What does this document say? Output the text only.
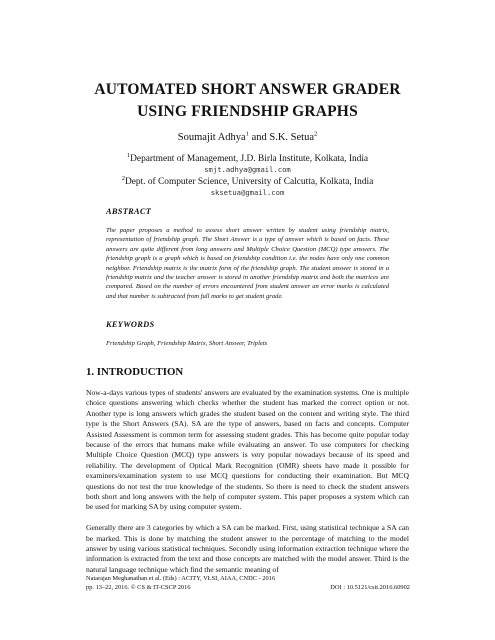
AUTOMATED SHORT ANSWER GRADER
USING FRIENDSHIP GRAPHS
Soumajit Adhya$^1$ and S.K. Setua$^2$
$^1$Department of Management, J.D. Birla Institute, Kolkata, India
smjt.adhya@gmail.com
$^2$Dept. of Computer Science, University of Calcutta, Kolkata, India
sksetua@gmail.com
ABSTRACT
The paper proposes a method to assess short answer written by student using friendship matrix, representation of friendship graph. The Short Answer is a type of answer which is based on facts. These answers are quite different from long answers and Multiple Choice Question (MCQ) type answers. The friendship graph is a graph which is based on friendship condition i.e. the nodes have only one common neighbor. Friendship matrix is the matrix form of the friendship graph. The student answer is stored in a friendship matrix and the teacher answer is stored in another friendship matrix and both the matrices are compared. Based on the number of errors encountered from student answer an error marks is calculated and that number is subtracted from full marks to get student grade.
KEYWORDS
Friendship Graph, Friendship Matrix, Short Answer, Triplets
1. INTRODUCTION

Now-a-days various types of students' answers are evaluated by the examination systems. One is multiple choice questions answering which checks whether the student has marked the correct option or not. Another type is long answers which grades the student based on the content and writing style. The third type is the Short Answers (SA). SA are the type of answers, based on facts and concepts. Computer Assisted Assessment is common term for assessing student grades. This has become quite popular today because of the errors that humans make while evaluating an answer. To use computers for checking Multiple Choice Question (MCQ) type answers is very popular nowadays because of its speed and reliability. The development of Optical Mark Recognition (OMR) sheets have made it possible for examiners/examination system to use MCQ questions for conducting their examination. But MCQ questions do not test the true knowledge of the students. So there is need to check the student answers both short and long answers with the help of computer system. This paper proposes a system which can be used for marking SA by using computer system.

Generally there are 3 categories by which a SA can be marked. First, using statistical technique a SA can be marked. This is done by matching the student answer to the percentage of matching to the model answer by using various statistical techniques. Secondly using information extraction technique where the information is extracted from the text and those concepts are matched with the model answer. Third is the natural language technique which find the semantic meaning of

Natarajan Meghanathan et al. (Eds) : ACITY, VLSI, AIAA, CNDC - 2016
pp. 13–22, 2016. © CS & IT-CSCP 2016	DOI : 10.5121/csit.2016.60902
